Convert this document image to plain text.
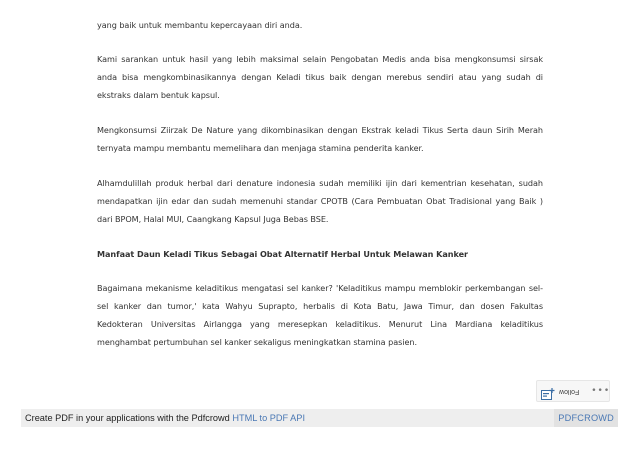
yang baik untuk membantu kepercayaan diri anda.

Kami sarankan untuk hasil yang lebih maksimal selain Pengobatan Medis anda bisa mengkonsumsi sirsak anda bisa mengkombinasikannya dengan Keladi tikus baik dengan merebus sendiri atau yang sudah di ekstraks dalam bentuk kapsul.

Mengkonsumsi Ziirzak De Nature yang dikombinasikan dengan Ekstrak keladi Tikus Serta daun Sirih Merah ternyata mampu membantu memelihara dan menjaga stamina penderita kanker.

Alhamdulillah produk herbal dari denature indonesia sudah memiliki ijin dari kementrian kesehatan, sudah mendapatkan ijin edar dan sudah memenuhi standar CPOTB (Cara Pembuatan Obat Tradisional yang Baik ) dari BPOM, Halal MUI, Caangkang Kapsul Juga Bebas BSE.

Manfaat Daun Keladi Tikus Sebagai Obat Alternatif Herbal Untuk Melawan Kanker

Bagaimana mekanisme keladitikus mengatasi sel kanker? 'Keladitikus mampu memblokir perkembangan sel-sel kanker dan tumor,' kata Wahyu Suprapto, herbalis di Kota Batu, Jawa Timur, dan dosen Fakultas Kedokteran Universitas Airlangga yang meresepkan keladitikus. Menurut Lina Mardiana keladitikus menghambat pertumbuhan sel kanker sekaligus meningkatkan stamina pasien.

Follow •••
Create PDF in your applications with the Pdfcrowd HTML to PDF API	PDFCROWD
